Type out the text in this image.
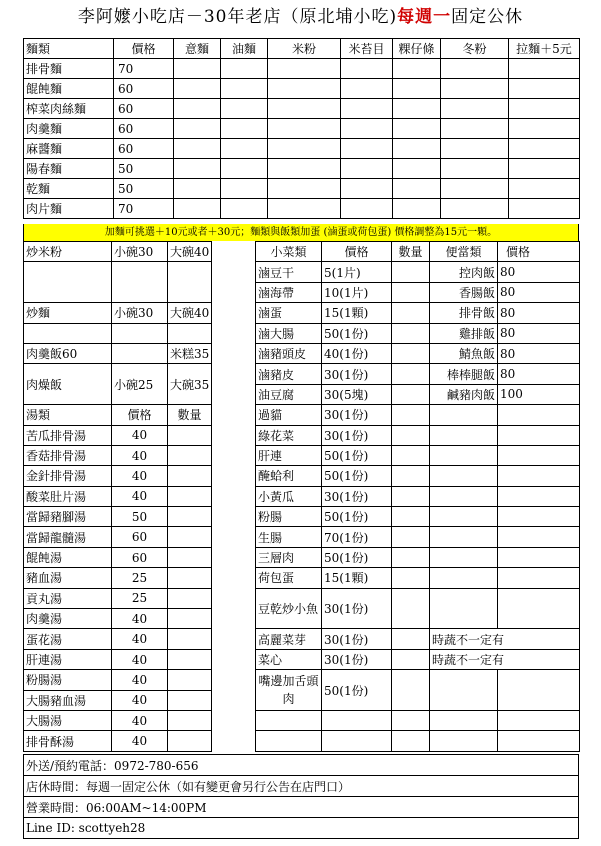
李阿嬤小吃店－30年老店（原北埔小吃)每週一固定公休
麵類	價格	意麵	油麵	米粉	米苔目	粿仔條	冬粉	拉麵＋5元
排骨麵	70							
餛飩麵	60							
榨菜肉絲麵	60							
肉羹麵	60							
麻醬麵	60							
陽春麵	50							
乾麵	50							
肉片麵	70							
加麵可挑選＋10元或者＋30元；麵類與飯類加蛋 (滷蛋或荷包蛋) 價格調整為15元一顆。
炒米粉	小碗30	大碗40		小菜類	價格	數量	便當類	價格
				滷豆干	5(1片)		控肉飯	80
				滷海帶	10(1片)		香腸飯	80
炒麵	小碗30	大碗40		滷蛋	15(1顆)		排骨飯	80
				滷大腸	50(1份)		雞排飯	80
肉羹飯60		米糕35		滷豬頭皮	40(1份)		鯖魚飯	80
肉燥飯	小碗25	大碗35		滷豬皮	30(1份)		棒棒腿飯	80
				油豆腐	30(5塊)		鹹豬肉飯	100
湯類	價格	數量		過貓	30(1份)			
苦瓜排骨湯	40			綠花菜	30(1份)			
香菇排骨湯	40			肝連	50(1份)			
金針排骨湯	40			醃蛤利	50(1份)			
酸菜肚片湯	40			小黃瓜	30(1份)			
當歸豬腳湯	50			粉腸	50(1份)			
當歸龍髓湯	60			生腸	70(1份)			
餛飩湯	60			三層肉	50(1份)			
豬血湯	25			荷包蛋	15(1顆)			
貢丸湯	25			豆乾炒小魚	30(1份)			
肉羹湯	40							
蛋花湯	40			高麗菜芽	30(1份)		時蔬不一定有	
肝連湯	40			菜心	30(1份)		時蔬不一定有	
粉腸湯	40			嘴邊加舌頭肉	50(1份)			
大腸豬血湯	40							
大腸湯	40							
排骨酥湯	40							
外送/預約電話：0972-780-656
店休時間：每週一固定公休（如有變更會另行公告在店門口）
營業時間：06:00AM~14:00PM
Line ID: scottyeh28
